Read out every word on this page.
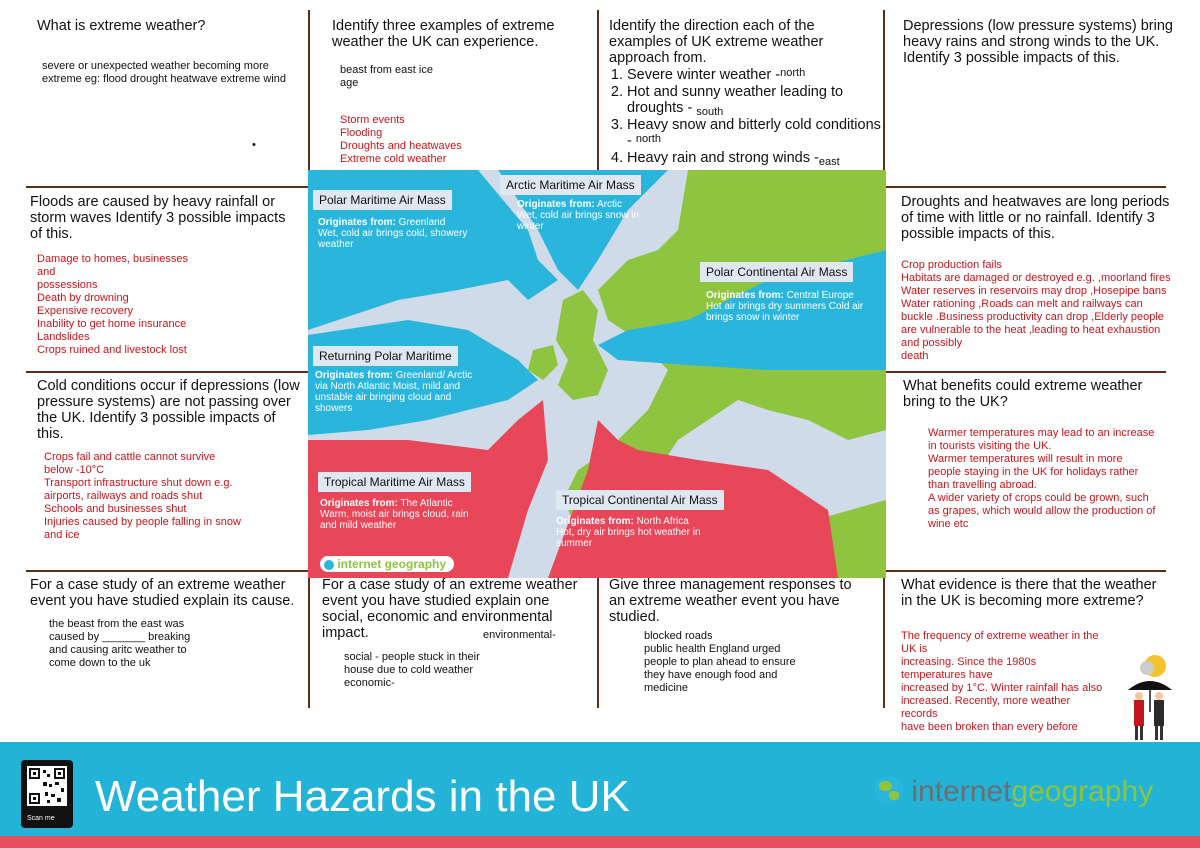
What is extreme weather?
severe or unexpected weather becoming more extreme eg: flood drought heatwave extreme wind
•
Identify three examples of extreme weather the UK can experience.
beast from east ice age
Storm events
Flooding
Droughts and heatwaves
Extreme cold weather
Identify the direction each of the examples of UK extreme weather approach from.
1. Severe winter weather -$^{north}$
2. Hot and sunny weather leading to droughts - $_{south}$
3. Heavy snow and bitterly cold conditions - $^{north}$
4. Heavy rain and strong winds $-_{east}$
Depressions (low pressure systems) bring heavy rains and strong winds to the UK. Identify 3 possible impacts of this.
Floods are caused by heavy rainfall or storm waves Identify 3 possible impacts of this.
Damage to homes, businesses
and
possessions
Death by drowning
Expensive recovery
Inability to get home insurance
Landslides
Crops ruined and livestock lost
Droughts and heatwaves are long periods of time with little or no rainfall. Identify 3 possible impacts of this.
Crop production fails
Habitats are damaged or destroyed e.g. ,moorland fires
Water reserves in reservoirs may drop ,Hosepipe bans
Water rationing ,Roads can melt and railways can
buckle .Business productivity can drop ,Elderly people
are vulnerable to the heat ,leading to heat exhaustion
and possibly
death
Cold conditions occur if depressions (low pressure systems) are not passing over the UK. Identify 3 possible impacts of this.
Crops fail and cattle cannot survive
below -10°C
Transport infrastructure shut down e.g.
airports, railways and roads shut
Schools and businesses shut
Injuries caused by people falling in snow
and ice
What benefits could extreme weather bring to the UK?
Warmer temperatures may lead to an increase
in tourists visiting the UK.
Warmer temperatures will result in more
people staying in the UK for holidays rather
than travelling abroad.
A wider variety of crops could be grown, such
as grapes, which would allow the production of
wine etc
Polar Maritime Air Mass
Originates from: Greenland
Wet, cold air brings cold, showery weather
Arctic Maritime Air Mass
Originates from: Arctic
Wet, cold air brings snow in winter
Polar Continental Air Mass
Originates from: Central Europe
Hot air brings dry summers Cold air brings snow in winter
Returning Polar Maritime
Originates from: Greenland/ Arctic
via North Atlantic Moist, mild and unstable air bringing cloud and showers
Tropical Maritime Air Mass
Originates from: The Atlantic
Warm, moist air brings cloud, rain and mild weather
Tropical Continental Air Mass
Originates from: North Africa
Hot, dry air brings hot weather in summer
internet geography
For a case study of an extreme weather event you have studied explain its cause.
the beast from the east was
caused by _______ breaking
and causing aritc weather to
come down to the uk
For a case study of an extreme weather event you have studied explain one social, economic and environmental impact.	environmental-
social - people stuck in their
house due to cold weather
economic-
Give three management responses to an extreme weather event you have studied.
blocked roads
public health England urged
people to plan ahead to ensure
they have enough food and
medicine
What evidence is there that the weather in the UK is becoming more extreme?
The frequency of extreme weather in the
UK is
increasing. Since the 1980s
temperatures have
increased by 1°C. Winter rainfall has also
increased. Recently, more weather
records
have been broken than every before
Scan me Weather Hazards in the UK	internetgeography
